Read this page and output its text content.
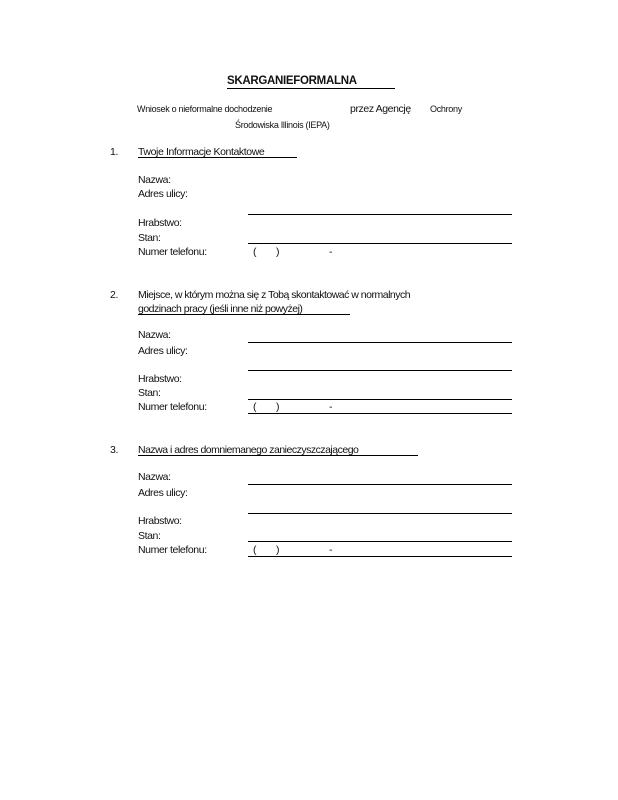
SKARGANIEFORMALNA
Wniosek o nieformalne dochodzenie	przez Agencję Ochrony
Środowiska Illinois (IEPA)
1. Twoje Informacje Kontaktowe
Nazwa:
Adres ulicy:
Hrabstwo:
Stan:
Numer telefonu:	( )	-
2. Miejsce, w którym można się z Tobą skontaktować w normalnych
godzinach pracy (jeśli inne niż powyżej)
Nazwa:
Adres ulicy:
Hrabstwo:
Stan:
Numer telefonu:	( )	-
3. Nazwa i adres domniemanego zanieczyszczającego
Nazwa:
Adres ulicy:
Hrabstwo:
Stan:
Numer telefonu:	( )	-
